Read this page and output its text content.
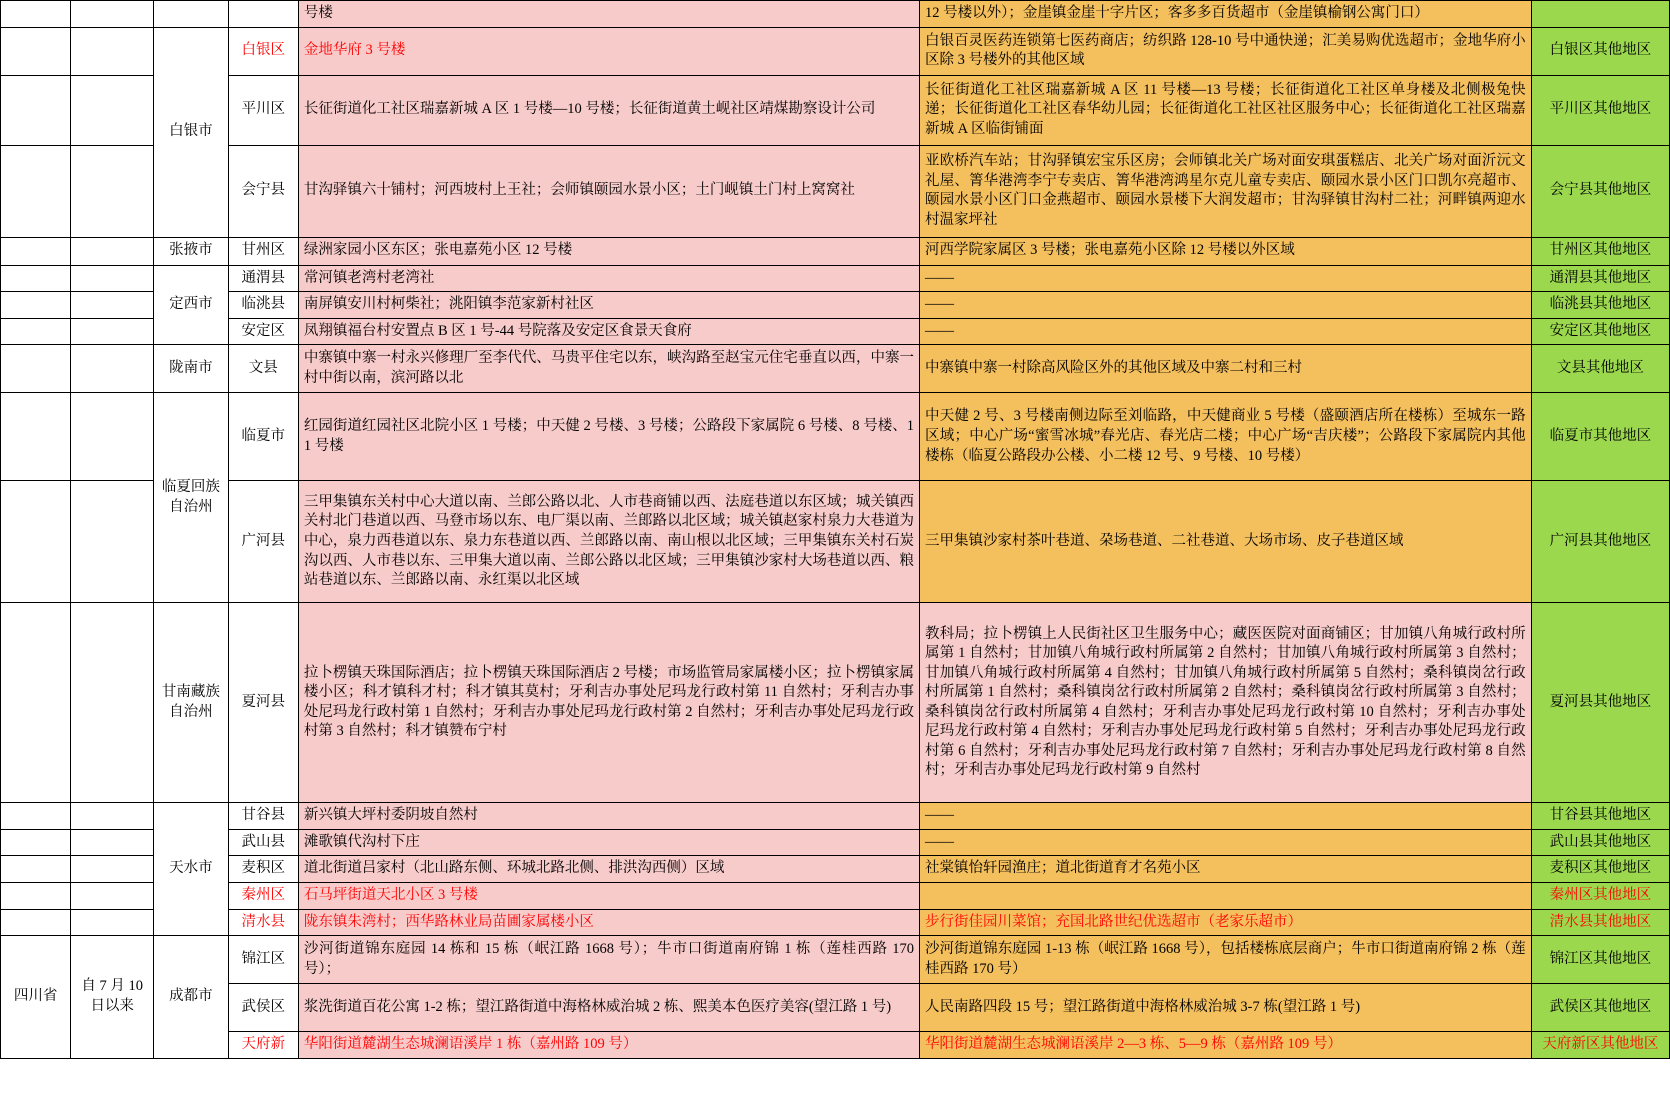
				号楼	12 号楼以外）；金崖镇金崖十字片区；客多多百货超市（金崖镇榆钢公寓门口）	
		白银市	白银区	金地华府 3 号楼	白银百灵医药连锁第七医药商店；纺织路 128-10 号中通快递；汇美易购优选超市；金地华府小区除 3 号楼外的其他区域	白银区其他地区
			平川区	长征街道化工社区瑞嘉新城 A 区 1 号楼—10 号楼；长征街道黄土岘社区靖煤勘察设计公司	长征街道化工社区瑞嘉新城 A 区 11 号楼—13 号楼；长征街道化工社区单身楼及北侧极兔快递；长征街道化工社区春华幼儿园；长征街道化工社区社区服务中心；长征街道化工社区瑞嘉新城 A 区临街铺面	平川区其他地区
			会宁县	甘沟驿镇六十铺村；河西坡村上王社；会师镇颐园水景小区；土门岘镇土门村上窝窝社	亚欧桥汽车站；甘沟驿镇宏宝乐区房；会师镇北关广场对面安琪蛋糕店、北关广场对面沂沅文礼屋、箐华港湾李宁专卖店、箐华港湾鸿星尔克儿童专卖店、颐园水景小区门口凯尔亮超市、颐园水景小区门口金燕超市、颐园水景楼下大润发超市；甘沟驿镇甘沟村二社；河畔镇两迎水村温家坪社	会宁县其他地区
		张掖市	甘州区	绿洲家园小区东区；张电嘉苑小区 12 号楼	河西学院家属区 3 号楼；张电嘉苑小区除 12 号楼以外区域	甘州区其他地区
		定西市	通渭县	常河镇老湾村老湾社	——	通渭县其他地区
			临洮县	南屏镇安川村柯柴社；洮阳镇李范家新村社区	——	临洮县其他地区
			安定区	凤翔镇福台村安置点 B 区 1 号-44 号院落及安定区食景天食府	——	安定区其他地区
		陇南市	文县	中寨镇中寨一村永兴修理厂至李代代、马贵平住宅以东，峡沟路至赵宝元住宅垂直以西，中寨一村中街以南，滨河路以北	中寨镇中寨一村除高风险区外的其他区域及中寨二村和三村	文县其他地区
		临夏回族自治州	临夏市	红园街道红园社区北院小区 1 号楼；中天健 2 号楼、3 号楼；公路段下家属院 6 号楼、8 号楼、11 号楼	中天健 2 号、3 号楼南侧边际至刘临路，中天健商业 5 号楼（盛颐酒店所在楼栋）至城东一路区域；中心广场“蜜雪冰城”春光店、春光店二楼；中心广场“吉庆楼”；公路段下家属院内其他楼栋（临夏公路段办公楼、小二楼 12 号、9 号楼、10 号楼）	临夏市其他地区
			广河县	三甲集镇东关村中心大道以南、兰郎公路以北、人市巷商铺以西、法庭巷道以东区域；城关镇西关村北门巷道以西、马登市场以东、电厂渠以南、兰郎路以北区域；城关镇赵家村泉力大巷道为中心，泉力西巷道以东、泉力东巷道以西、兰郎路以南、南山根以北区域；三甲集镇东关村石炭沟以西、人市巷以东、三甲集大道以南、兰郎公路以北区域；三甲集镇沙家村大场巷道以西、粮站巷道以东、兰郎路以南、永红渠以北区域	三甲集镇沙家村茶叶巷道、朶场巷道、二社巷道、大场市场、皮子巷道区域	广河县其他地区
		甘南藏族自治州	夏河县	拉卜楞镇天珠国际酒店；拉卜楞镇天珠国际酒店 2 号楼；市场监管局家属楼小区；拉卜楞镇家属楼小区；科才镇科才村；科才镇其莫村；牙利吉办事处尼玛龙行政村第 11 自然村；牙利吉办事处尼玛龙行政村第 1 自然村；牙利吉办事处尼玛龙行政村第 2 自然村；牙利吉办事处尼玛龙行政村第 3 自然村；科才镇赞布宁村	教科局；拉卜楞镇上人民街社区卫生服务中心；藏医医院对面商铺区；甘加镇八角城行政村所属第 1 自然村；甘加镇八角城行政村所属第 2 自然村；甘加镇八角城行政村所属第 3 自然村；甘加镇八角城行政村所属第 4 自然村；甘加镇八角城行政村所属第 5 自然村；桑科镇岗岔行政村所属第 1 自然村；桑科镇岗岔行政村所属第 2 自然村；桑科镇岗岔行政村所属第 3 自然村；桑科镇岗岔行政村所属第 4 自然村；牙利吉办事处尼玛龙行政村第 10 自然村；牙利吉办事处尼玛龙行政村第 4 自然村；牙利吉办事处尼玛龙行政村第 5 自然村；牙利吉办事处尼玛龙行政村第 6 自然村；牙利吉办事处尼玛龙行政村第 7 自然村；牙利吉办事处尼玛龙行政村第 8 自然村；牙利吉办事处尼玛龙行政村第 9 自然村	夏河县其他地区
		天水市	甘谷县	新兴镇大坪村委阴坡自然村	——	甘谷县其他地区
			武山县	滩歌镇代沟村下庄	——	武山县其他地区
			麦积区	道北街道吕家村（北山路东侧、环城北路北侧、排洪沟西侧）区域	社棠镇怡轩园渔庄；道北街道育才名苑小区	麦积区其他地区
			秦州区	石马坪街道天北小区 3 号楼		秦州区其他地区
			清水县	陇东镇朱湾村；西华路林业局苗圃家属楼小区	步行街佳园川菜馆；充国北路世纪优选超市（老家乐超市）	清水县其他地区
四川省	自 7 月 10 日以来	成都市	锦江区	沙河街道锦东庭园 14 栋和 15 栋（岷江路 1668 号）；牛市口街道南府锦 1 栋（莲桂西路 170 号）；	沙河街道锦东庭园 1-13 栋（岷江路 1668 号），包括楼栋底层商户；牛市口街道南府锦 2 栋（莲桂西路 170 号）	锦江区其他地区
			武侯区	浆洗街道百花公寓 1-2 栋；望江路街道中海格林威治城 2 栋、熙美本色医疗美容(望江路 1 号)	人民南路四段 15 号；望江路街道中海格林威治城 3-7 栋(望江路 1 号)	武侯区其他地区
			天府新	华阳街道麓湖生态城澜语溪岸 1 栋（嘉州路 109 号）	华阳街道麓湖生态城澜语溪岸 2—3 栋、5—9 栋（嘉州路 109 号）	天府新区其他地区
